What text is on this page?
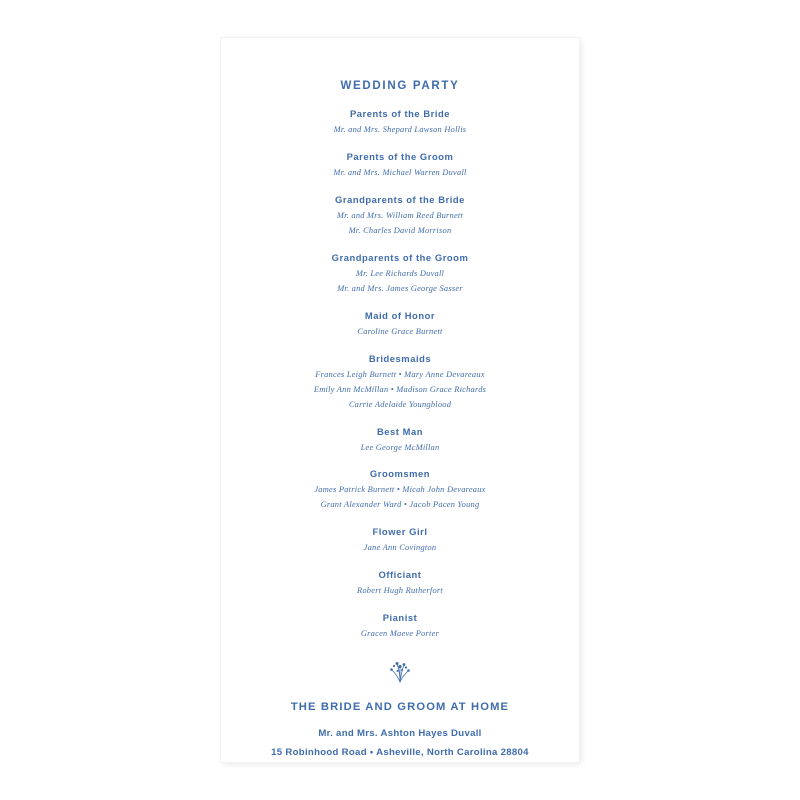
WEDDING PARTY
Parents of the Bride
Mr. and Mrs. Shepard Lawson Hollis
Parents of the Groom
Mr. and Mrs. Michael Warren Duvall
Grandparents of the Bride
Mr. and Mrs. William Reed Burnett
Mr. Charles David Morrison
Grandparents of the Groom
Mr. Lee Richards Duvall
Mr. and Mrs. James George Sasser
Maid of Honor
Caroline Grace Burnett
Bridesmaids
Frances Leigh Burnett • Mary Anne Devareaux
Emily Ann McMillan • Madison Grace Richards
Carrie Adelaide Youngblood
Best Man
Lee George McMillan
Groomsmen
James Patrick Burnett • Micah John Devareaux
Grant Alexander Ward • Jacob Pacen Young
Flower Girl
Jane Ann Covington
Officiant
Robert Hugh Rutherfort
Pianist
Gracen Maeve Porter
THE BRIDE AND GROOM AT HOME
Mr. and Mrs. Ashton Hayes Duvall
15 Robinhood Road • Asheville, North Carolina 28804
